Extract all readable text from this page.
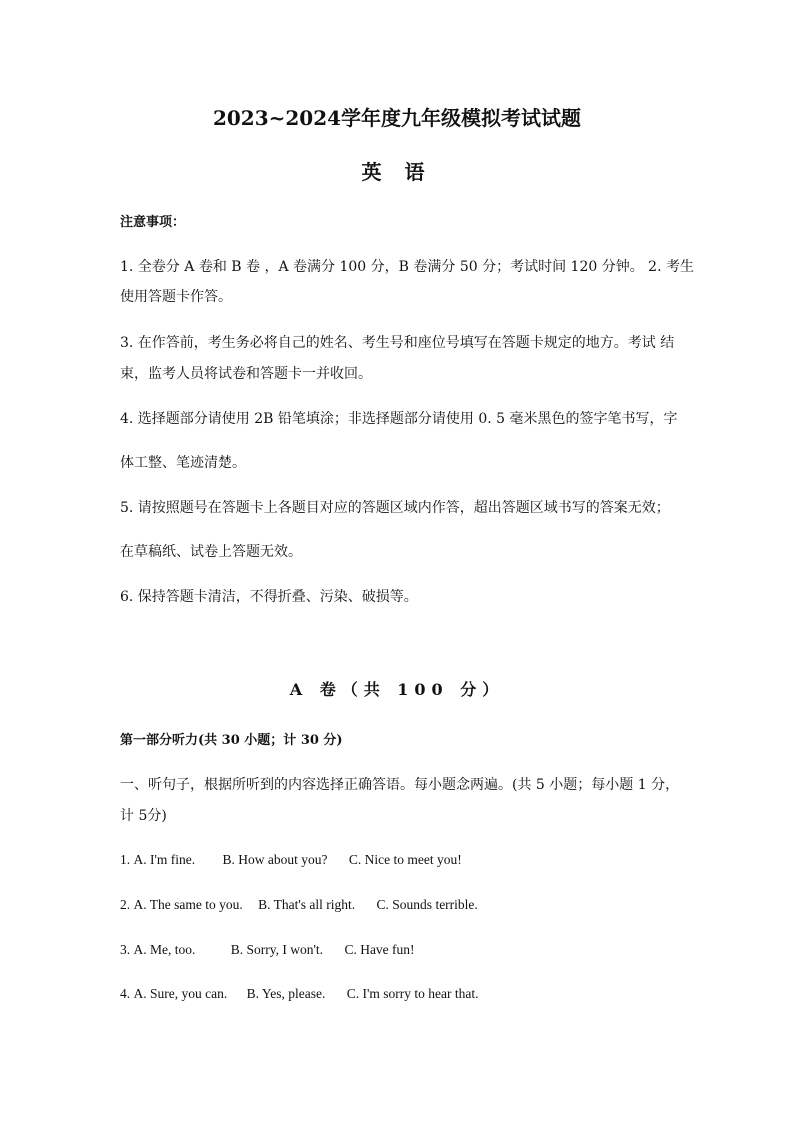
2023~2024学年度九年级模拟考试试题
英 语
注意事项：
1. 全卷分 A 卷和 B 卷 ，A 卷满分 100 分，B 卷满分 50 分；考试时间 120 分钟。 2. 考生
使用答题卡作答。
3. 在作答前，考生务必将自己的姓名、考生号和座位号填写在答题卡规定的地方。考试 结
束，监考人员将试卷和答题卡一并收回。
4. 选择题部分请使用 2B 铅笔填涂；非选择题部分请使用 0. 5 毫米黑色的签字笔书写，字
体工整、笔迹清楚。
5. 请按照题号在答题卡上各题目对应的答题区域内作答，超出答题区域书写的答案无效；
在草稿纸、试卷上答题无效。
6. 保持答题卡清洁，不得折叠、污染、破损等。
A 卷（共 100 分）
第一部分听力(共 30 小题；计 30 分)
一、听句子，根据所听到的内容选择正确答语。每小题念两遍。(共 5 小题；每小题 1 分，
计 5分)
1. A. I'm fine. B. How about you? C. Nice to meet you!
2. A. The same to you. B. That's all right. C. Sounds terrible.
3. A. Me, too.	B. Sorry, I won't. C. Have fun!
4. A. Sure, you can. B. Yes, please. C. I'm sorry to hear that.
